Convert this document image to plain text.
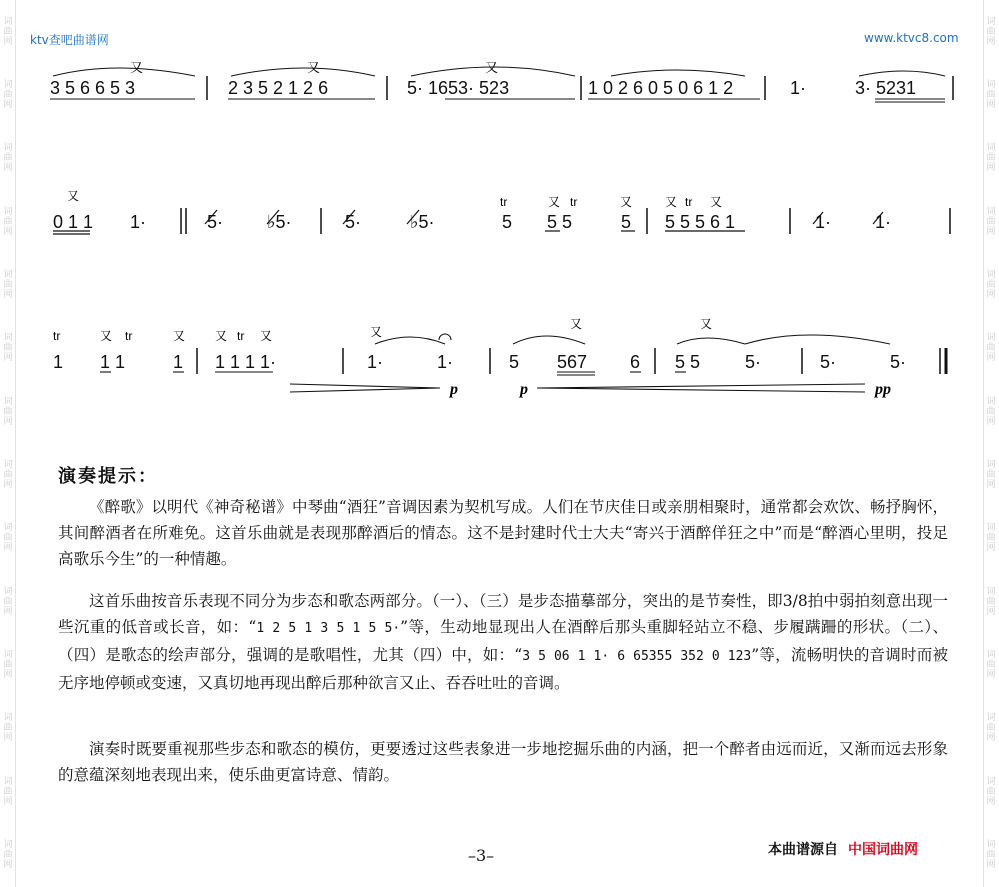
词
曲
网
词
曲
网
词
曲
网
词
曲
网
词
曲
网
词
曲
网
词
曲
网
词
曲
网
词
曲
网
词
曲
网
词
曲
网
词
曲
网
词
曲
网
词
曲
网
词
曲
网
词
曲
网
词
曲
网
词
曲
网
词
曲
网
词
曲
网
词
曲
网
词
曲
网
词
曲
网
词
曲
网
词
曲
网
词
曲
网
词
曲
网
词
曲
网
ktv查吧曲谱网	www.ktvc8.com
3 5 6 6 5 3	2 3 5 2 1 2 6	5· 1653· 523	1 0 2 6 0 5 0 6 1 2	1·	3· 5231
又	又	又
0 1 1 1·	5· ♭5·	5·	♭5·	5 5 5	5 5 5 5 6 1	1· 1·
又	tr	又 tr	又	又 tr 又
1 1 1	1 1 1 1 1·	1·	1·	5 567 6 5 5 5·	5·	5·
tr	又 tr	又 又 tr 又	又
又	又
p	p	pp
演奏提示：
《醉歌》以明代《神奇秘谱》中琴曲“酒狂”音调因素为契机写成。人们在节庆佳日或亲朋相聚时，通常都会欢饮、畅抒胸怀，其间醉酒者在所难免。这首乐曲就是表现那醉酒后的情态。这不是封建时代士大夫“寄兴于酒醉佯狂之中”而是“醉酒心里明，投足高歌乐今生”的一种情趣。
这首乐曲按音乐表现不同分为步态和歌态两部分。（一）、（三）是步态描摹部分，突出的是节奏性，即3/8拍中弱拍刻意出现一些沉重的低音或长音，如：“1 2 5 1 3 5 1 5 5·”等，生动地显现出人在酒醉后那头重脚轻站立不稳、步履蹒跚的形状。（二）、（四）是歌态的绘声部分，强调的是歌唱性，尤其（四）中，如：“3 5 06 1 1· 6 65355 352 0 123”等，流畅明快的音调时而被无序地停顿或变速，又真切地再现出醉后那种欲言又止、吞吞吐吐的音调。
演奏时既要重视那些步态和歌态的模仿，更要透过这些表象进一步地挖掘乐曲的内涵，把一个醉者由远而近，又渐而远去形象的意蕴深刻地表现出来，使乐曲更富诗意、情韵。
–3–	本曲谱源自 中国词曲网
